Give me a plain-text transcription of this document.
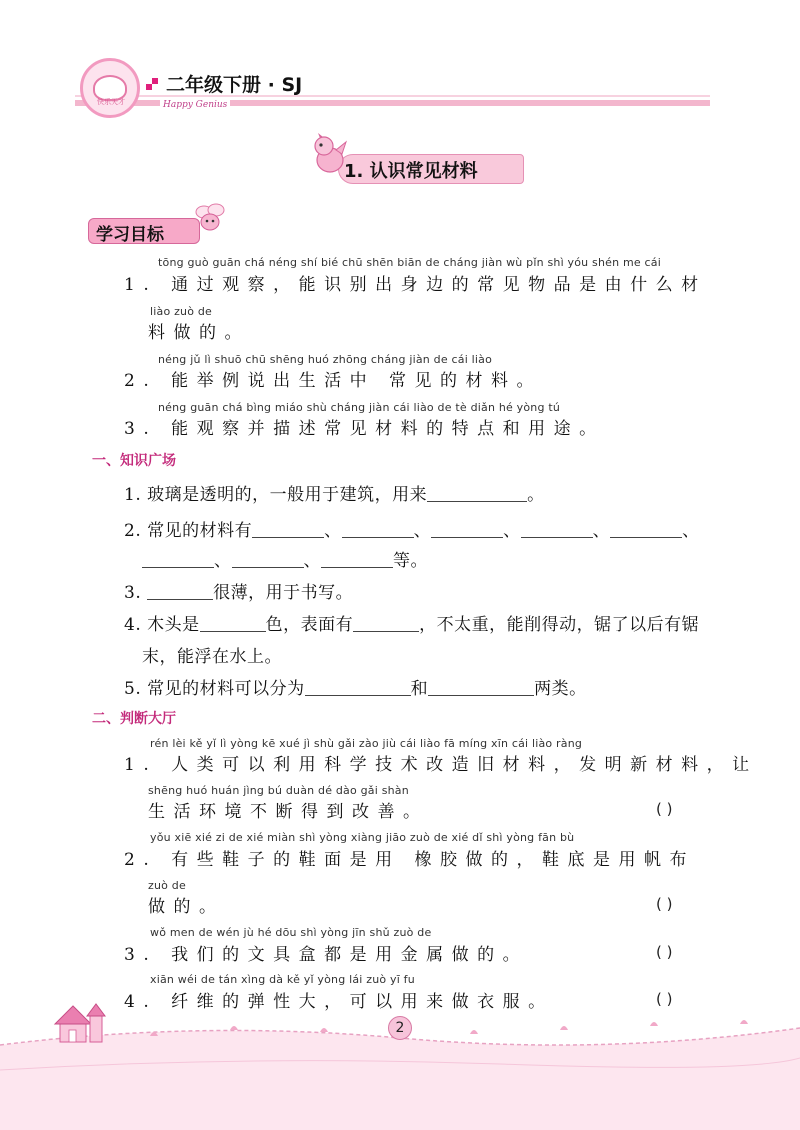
快乐天才
二年级下册 · SJ
Happy Genius
1. 认识常见材料
学习目标
tōng guò guān chá néng shí bié chū shēn biān de cháng jiàn wù pǐn shì yóu shén me cái
1. 通过观察，能识别出身边的常见物品是由什么材
liào zuò de
料做的。
néng jǔ lì shuō chū shēng huó zhōng cháng jiàn de cái liào
2. 能举例说出生活中 常见的材料。
néng guān chá bìng miáo shù cháng jiàn cái liào de tè diǎn hé yòng tú
3. 能观察并描述常见材料的特点和用途。
一、知识广场
1. 玻璃是透明的，一般用于建筑，用来	。
2. 常见的材料有	、	、	、	、	、
、	、	等。
3.	很薄，用于书写。
4. 木头是	色，表面有	，不太重，能削得动，锯了以后有锯
末，能浮在水上。
5. 常见的材料可以分为	和	两类。
二、判断大厅
rén lèi kě yǐ lì yòng kē xué jì shù gǎi zào jiù cái liào fā míng xīn cái liào ràng
1. 人类可以利用科学技术改造旧材料，发明新材料，让
shēng huó huán jìng bú duàn dé dào gǎi shàn
生活环境不断得到改善。	( )
yǒu xiē xié zi de xié miàn shì yòng xiàng jiāo zuò de xié dǐ shì yòng fān bù
2. 有些鞋子的鞋面是用 橡胶做的，鞋底是用帆布
zuò de
做的。	( )
wǒ men de wén jù hé dōu shì yòng jīn shǔ zuò de
3. 我们的文具盒都是用金属做的。	( )
xiān wéi de tán xìng dà kě yǐ yòng lái zuò yī fu
4. 纤维的弹性大，可以用来做衣服。	( )
2
